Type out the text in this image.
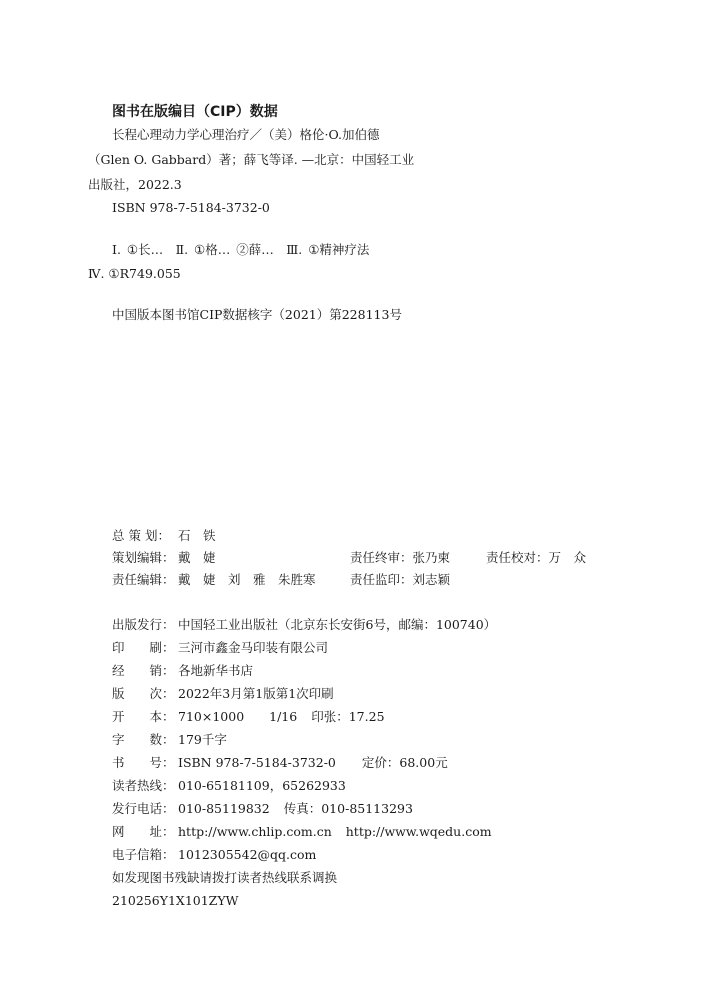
图书在版编目（CIP）数据
长程心理动力学心理治疗／（美）格伦·O.加伯德
（Glen O. Gabbard）著；薛飞等译. —北京：中国轻工业
出版社，2022.3
ISBN 978-7-5184-3732-0
Ⅰ. ①长…　Ⅱ. ①格… ②薛…　Ⅲ. ①精神疗法
Ⅳ. ①R749.055
中国版本图书馆CIP数据核字（2021）第228113号
总 策 划： 石　铁
策划编辑： 戴　婕	责任终审：张乃柬	责任校对：万　众
责任编辑： 戴　婕　刘　雅　朱胜寒	责任监印：刘志颖
出版发行： 中国轻工业出版社（北京东长安街6号，邮编：100740）
印　　刷： 三河市鑫金马印装有限公司
经　　销： 各地新华书店
版　　次： 2022年3月第1版第1次印刷
开　　本： 710×1000　　1/16 印张：17.25
字　　数： 179千字
书　　号： ISBN 978-7-5184-3732-0 定价：68.00元
读者热线： 010-65181109，65262933
发行电话： 010-85119832 传真：010-85113293
网　　址： http://www.chlip.com.cn http://www.wqedu.com
电子信箱： 1012305542@qq.com
如发现图书残缺请拨打读者热线联系调换
210256Y1X101ZYW
